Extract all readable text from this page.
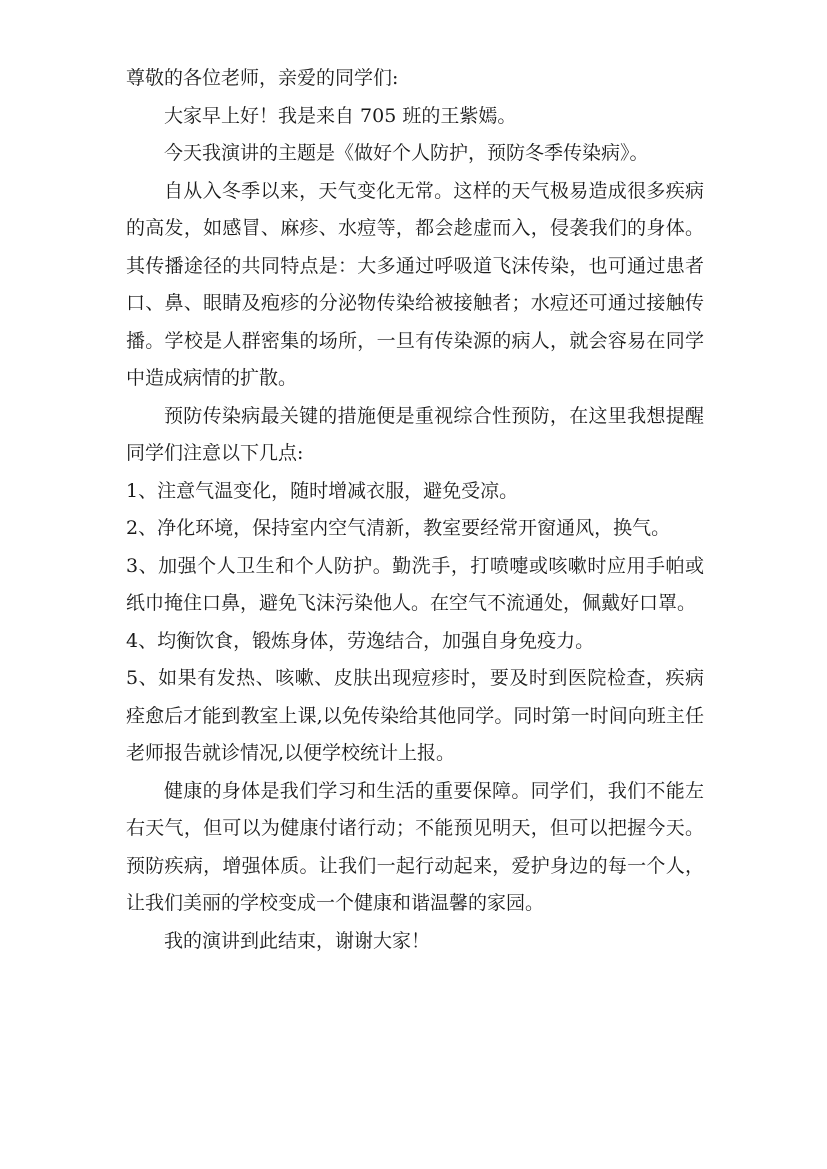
尊敬的各位老师，亲爱的同学们:

大家早上好！我是来自 705 班的王紫嫣。

今天我演讲的主题是《做好个人防护，预防冬季传染病》。

自从入冬季以来，天气变化无常。这样的天气极易造成很多疾病的高发，如感冒、麻疹、水痘等，都会趁虚而入，侵袭我们的身体。其传播途径的共同特点是：大多通过呼吸道飞沫传染，也可通过患者口、鼻、眼睛及疱疹的分泌物传染给被接触者；水痘还可通过接触传播。学校是人群密集的场所，一旦有传染源的病人，就会容易在同学中造成病情的扩散。

预防传染病最关键的措施便是重视综合性预防，在这里我想提醒同学们注意以下几点:

1、注意气温变化，随时增减衣服，避免受凉。

2、净化环境，保持室内空气清新，教室要经常开窗通风，换气。

3、加强个人卫生和个人防护。勤洗手，打喷嚏或咳嗽时应用手帕或纸巾掩住口鼻，避免飞沫污染他人。在空气不流通处，佩戴好口罩。

4、均衡饮食，锻炼身体，劳逸结合，加强自身免疫力。

5、如果有发热、咳嗽、皮肤出现痘疹时，要及时到医院检查，疾病痊愈后才能到教室上课,以免传染给其他同学。同时第一时间向班主任老师报告就诊情况,以便学校统计上报。

健康的身体是我们学习和生活的重要保障。同学们，我们不能左右天气，但可以为健康付诸行动；不能预见明天，但可以把握今天。预防疾病，增强体质。让我们一起行动起来，爱护身边的每一个人，让我们美丽的学校变成一个健康和谐温馨的家园。

我的演讲到此结束，谢谢大家！
